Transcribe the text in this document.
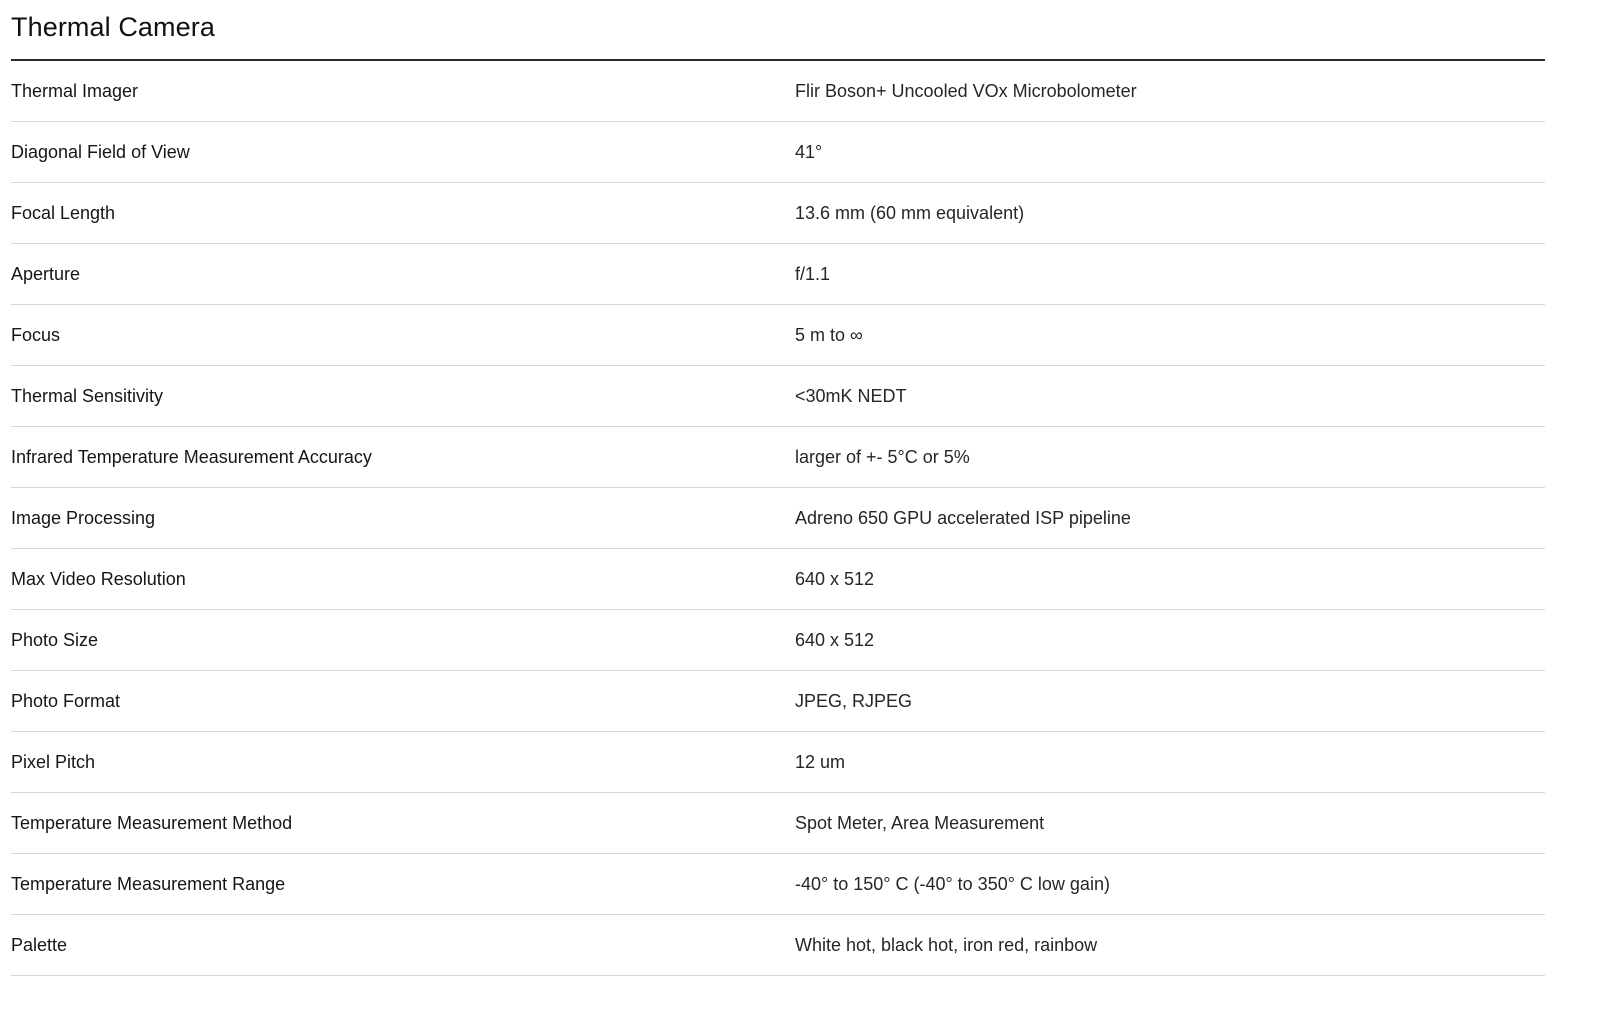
Thermal Camera
Thermal Imager	Flir Boson+ Uncooled VOx Microbolometer
Diagonal Field of View	41°
Focal Length	13.6 mm (60 mm equivalent)
Aperture	f/1.1
Focus	5 m to ∞
Thermal Sensitivity	<30mK NEDT
Infrared Temperature Measurement Accuracy	larger of +- 5°C or 5%
Image Processing	Adreno 650 GPU accelerated ISP pipeline
Max Video Resolution	640 x 512
Photo Size	640 x 512
Photo Format	JPEG, RJPEG
Pixel Pitch	12 um
Temperature Measurement Method	Spot Meter, Area Measurement
Temperature Measurement Range	-40° to 150° C (-40° to 350° C low gain)
Palette	White hot, black hot, iron red, rainbow
